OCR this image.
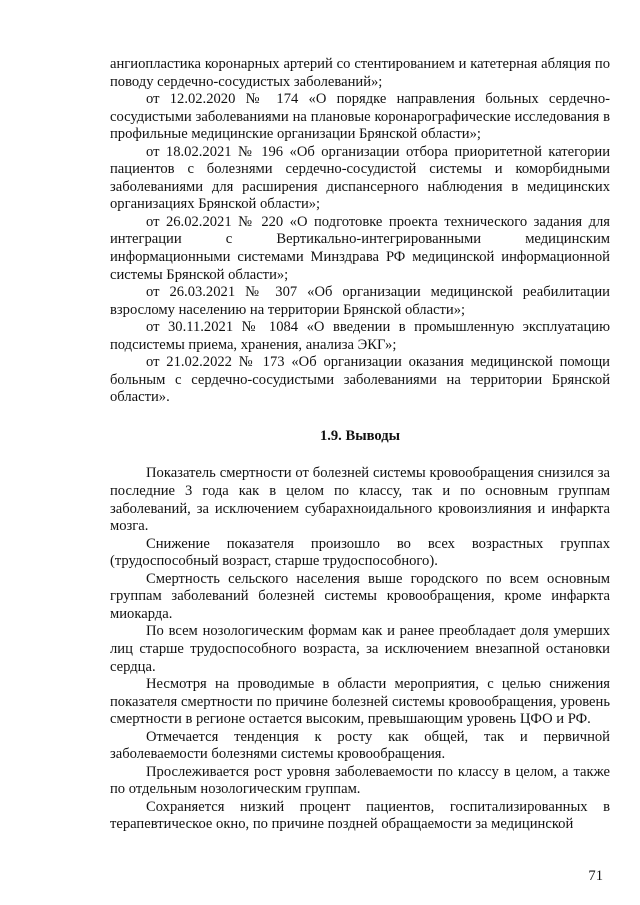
ангиопластика коронарных артерий со стентированием и катетерная абляция по поводу сердечно-сосудистых заболеваний»;

от 12.02.2020 № 174 «О порядке направления больных сердечно-сосудистыми заболеваниями на плановые коронарографические исследования в профильные медицинские организации Брянской области»;

от 18.02.2021 № 196 «Об организации отбора приоритетной категории пациентов с болезнями сердечно-сосудистой системы и коморбидными заболеваниями для расширения диспансерного наблюдения в медицинских организациях Брянской области»;

от 26.02.2021 № 220 «О подготовке проекта технического задания для интеграции с Вертикально-интегрированными медицинским информационными системами Минздрава РФ медицинской информационной системы Брянской области»;

от 26.03.2021 № 307 «Об организации медицинской реабилитации взрослому населению на территории Брянской области»;

от 30.11.2021 № 1084 «О введении в промышленную эксплуатацию подсистемы приема, хранения, анализа ЭКГ»;

от 21.02.2022 № 173 «Об организации оказания медицинской помощи больным с сердечно-сосудистыми заболеваниями на территории Брянской области».

1.9. Выводы

Показатель смертности от болезней системы кровообращения снизился за последние 3 года как в целом по классу, так и по основным группам заболеваний, за исключением субарахноидального кровоизлияния и инфаркта мозга.

Снижение показателя произошло во всех возрастных группах (трудоспособный возраст, старше трудоспособного).

Смертность сельского населения выше городского по всем основным группам заболеваний болезней системы кровообращения, кроме инфаркта миокарда.

По всем нозологическим формам как и ранее преобладает доля умерших лиц старше трудоспособного возраста, за исключением внезапной остановки сердца.

Несмотря на проводимые в области мероприятия, с целью снижения показателя смертности по причине болезней системы кровообращения, уровень смертности в регионе остается высоким, превышающим уровень ЦФО и РФ.

Отмечается тенденция к росту как общей, так и первичной заболеваемости болезнями системы кровообращения.

Прослеживается рост уровня заболеваемости по классу в целом, а также по отдельным нозологическим группам.

Сохраняется низкий процент пациентов, госпитализированных в терапевтическое окно, по причине поздней обращаемости за медицинской

71
